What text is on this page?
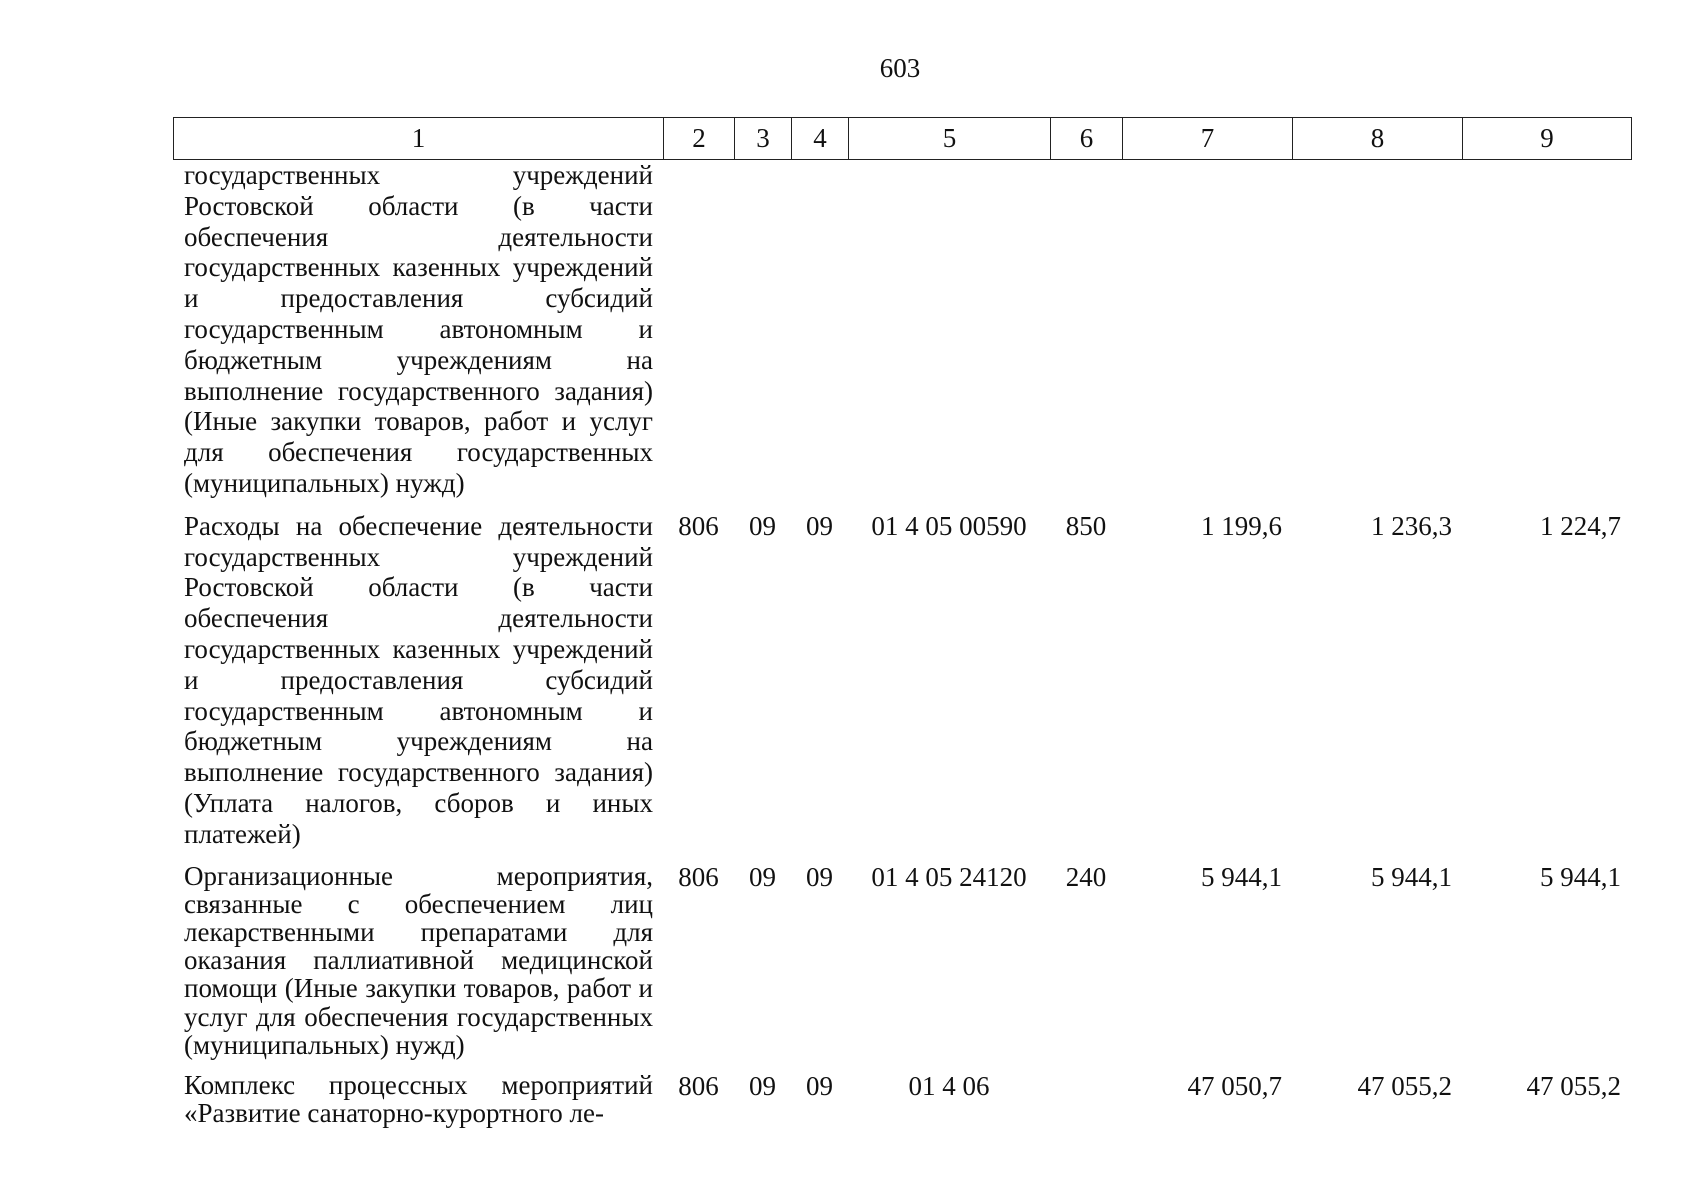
603
1	2	3	4	5	6	7	8	9
государственных учреждений Ростовской области (в части обеспечения деятельности государственных казенных учреждений и предоставления субсидий государственным автономным и бюджетным учреждениям на выполнение государственного задания) (Иные закупки товаров, работ и услуг для обеспечения государственных (муниципальных) нужд)								
Расходы на обеспечение деятельности государственных учреждений Ростовской области (в части обеспечения деятельности государственных казенных учреждений и предоставления субсидий государственным автономным и бюджетным учреждениям на выполнение государственного задания) (Уплата налогов, сборов и иных платежей)	806	09	09	01 4 05 00590	850	1 199,6	1 236,3	1 224,7
Организационные мероприятия, связанные с обеспечением лиц лекарственными препаратами для оказания паллиативной медицинской помощи (Иные закупки товаров, работ и услуг для обеспечения государственных (муниципальных) нужд)	806	09	09	01 4 05 24120	240	5 944,1	5 944,1	5 944,1
Комплекс процессных мероприятий «Развитие санаторно-курортного ле-	806	09	09	01 4 06		47 050,7	47 055,2	47 055,2
